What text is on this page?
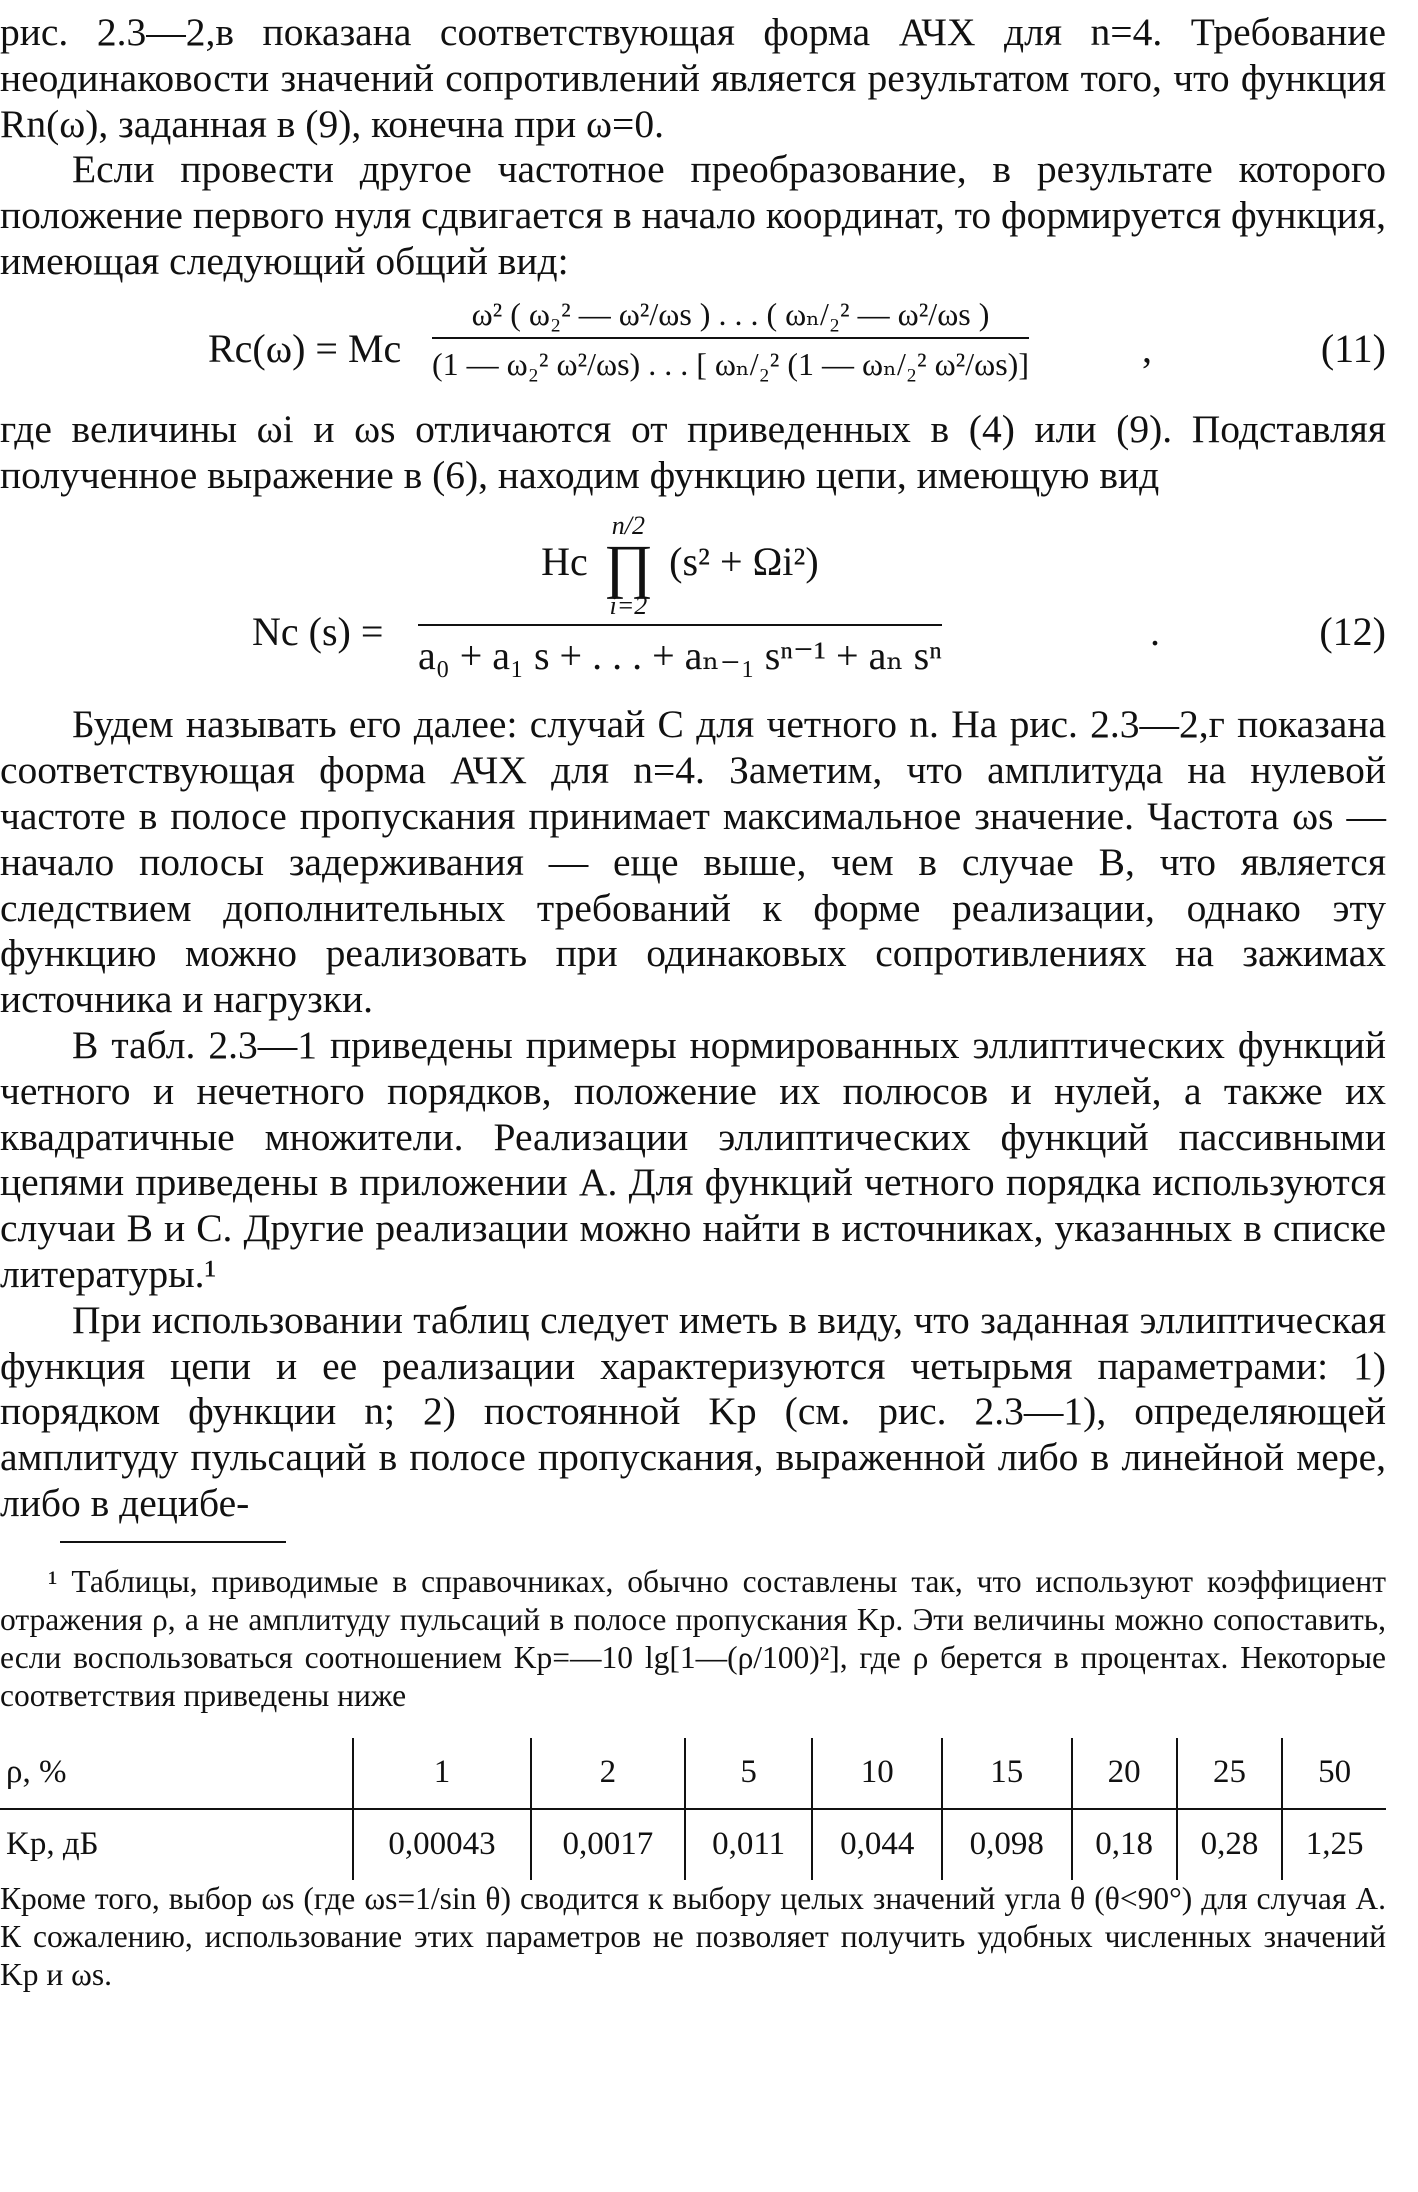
рис. 2.3—2,в показана соответствующая форма АЧХ для n=4. Требование неодинаковости значений сопротивлений является результатом того, что функция Rn(ω), заданная в (9), конечна при ω=0.

Если провести другое частотное преобразование, в результате которого положение первого нуля сдвигается в начало координат, то формируется функция, имеющая следующий общий вид:

Rc(ω) = Mc
ω² ( ω₂² — ω²/ωs ) . . . ( ωₙ/₂² — ω²/ωs )
(1 — ω₂² ω²/ωs) . . . [ ωₙ/₂² (1 — ωₙ/₂² ω²/ωs)]	,	(11)

где величины ωi и ωs отличаются от приведенных в (4) или (9). Подставляя полученное выражение в (6), находим функцию цепи, имеющую вид

Nc (s) =
Hc
n/2
∏
i=2
(s² + Ωi²)
a₀ + a₁ s + . . . + aₙ₋₁ sⁿ⁻¹ + aₙ sⁿ
.	(12)

Будем называть его далее: случай C для четного n. На рис. 2.3—2,г показана соответствующая форма АЧХ для n=4. Заметим, что амплитуда на нулевой частоте в полосе пропускания принимает максимальное значение. Частота ωs — начало полосы задерживания — еще выше, чем в случае B, что является следствием дополнительных требований к форме реализации, однако эту функцию можно реализовать при одинаковых сопротивлениях на зажимах источника и нагрузки.

В табл. 2.3—1 приведены примеры нормированных эллиптических функций четного и нечетного порядков, положение их полюсов и нулей, а также их квадратичные множители. Реализации эллиптических функций пассивными цепями приведены в приложении А. Для функций четного порядка используются случаи B и C. Другие реализации можно найти в источниках, указанных в списке литературы.¹

При использовании таблиц следует иметь в виду, что заданная эллиптическая функция цепи и ее реализации характеризуются четырьмя параметрами: 1) порядком функции n; 2) постоянной Kp (см. рис. 2.3—1), определяющей амплитуду пульсаций в полосе пропускания, выраженной либо в линейной мере, либо в децибе-

¹ Таблицы, приводимые в справочниках, обычно составлены так, что используют коэффициент отражения ρ, а не амплитуду пульсаций в полосе пропускания Kp. Эти величины можно сопоставить, если воспользоваться соотношением Kp=—10 lg[1—(ρ/100)²], где ρ берется в процентах. Некоторые соответствия приведены ниже

ρ, %	1	2	5	10	15	20	25	50
Kp, дБ	0,00043	0,0017	0,011	0,044	0,098	0,18	0,28	1,25

Кроме того, выбор ωs (где ωs=1/sin θ) сводится к выбору целых значений угла θ (θ<90°) для случая A. К сожалению, использование этих параметров не позволяет получить удобных численных значений Kp и ωs.
